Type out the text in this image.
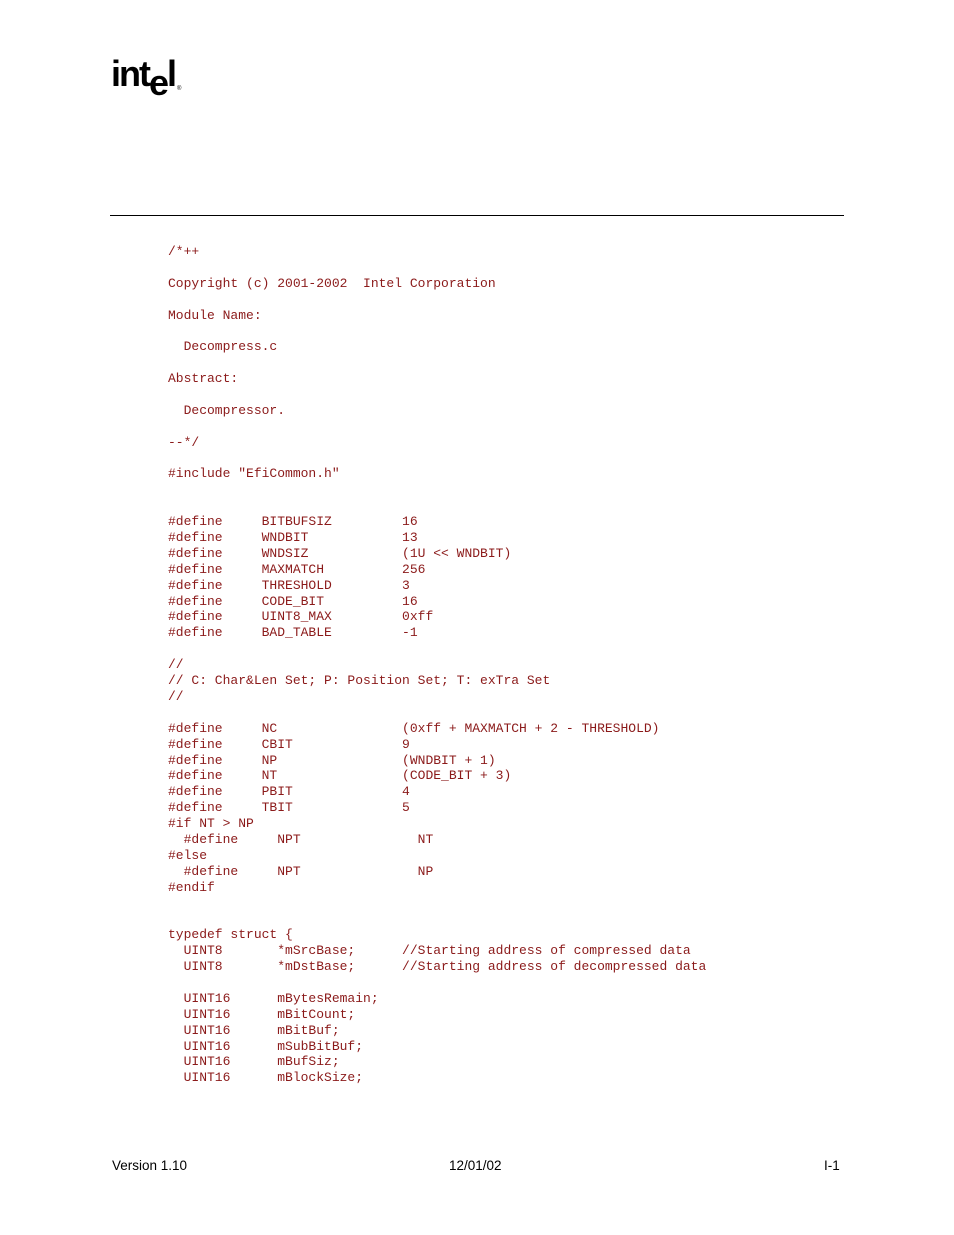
intel ®
/*++
Copyright (c) 2001-2002  Intel Corporation
Module Name:
Decompress.c
Abstract:
Decompressor.
--*/
#include "EfiCommon.h"
#define     BITBUFSIZ         16
#define     WNDBIT            13
#define     WNDSIZ            (1U << WNDBIT)
#define     MAXMATCH          256
#define     THRESHOLD         3
#define     CODE_BIT          16
#define     UINT8_MAX         0xff
#define     BAD_TABLE         -1
//
// C: Char&Len Set; P: Position Set; T: exTra Set
//
#define     NC                (0xff + MAXMATCH + 2 - THRESHOLD)
#define     CBIT              9
#define     NP                (WNDBIT + 1)
#define     NT                (CODE_BIT + 3)
#define     PBIT              4
#define     TBIT              5
#if NT > NP
#define     NPT               NT
#else
#define     NPT               NP
#endif
typedef struct {
UINT8       *mSrcBase;      //Starting address of compressed data
UINT8       *mDstBase;      //Starting address of decompressed data
UINT16      mBytesRemain;
UINT16      mBitCount;
UINT16      mBitBuf;
UINT16      mSubBitBuf;
UINT16      mBufSiz;
UINT16      mBlockSize;
Version 1.10	12/01/02	I-1
